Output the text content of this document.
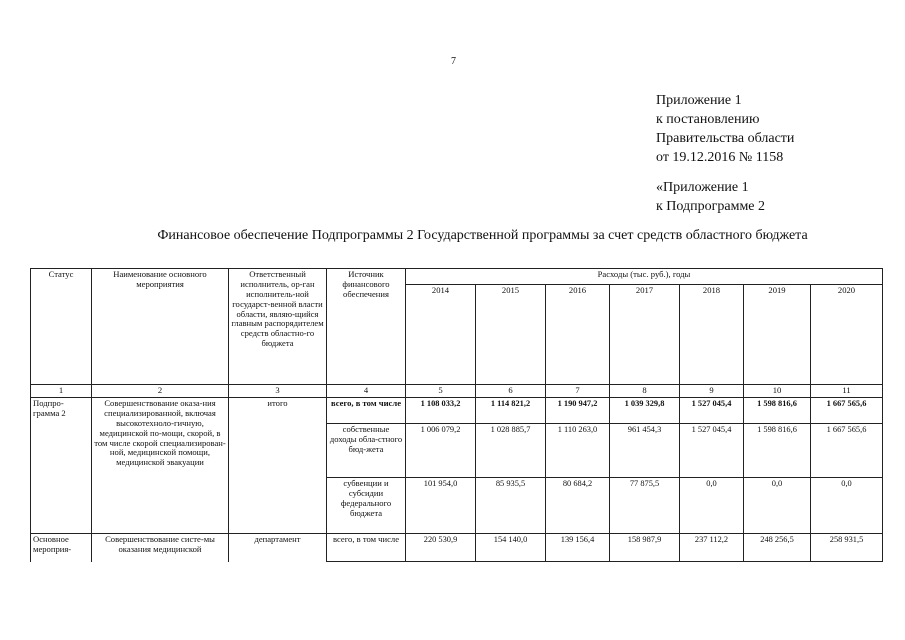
7
Приложение 1
к постановлению
Правительства области
от 19.12.2016 № 1158
«Приложение 1
к Подпрограмме 2
Финансовое обеспечение Подпрограммы 2 Государственной программы за счет средств областного бюджета
Статус	Наименование основного мероприятия	Ответственный исполнитель, ор-ган исполнитель-ной государст-венной власти области, являю-щийся главным распорядителем средств областно-го бюджета	Источник финансового обеспечения	Расходы (тыс. руб.), годы						
				2014	2015	2016	2017	2018	2019	2020
1	2	3	4	5	6	7	8	9	10	11
Подпро-грамма 2	Совершенствование оказа-ния специализированной, включая высокотехноло-гичную, медицинской по-мощи, скорой, в том числе скорой специализирован-ной, медицинской помощи, медицинской эвакуации	итого	всего, в том числе	1 108 033,2	1 114 821,2	1 190 947,2	1 039 329,8	1 527 045,4	1 598 816,6	1 667 565,6
			собственные доходы обла-стного бюд-жета	1 006 079,2	1 028 885,7	1 110 263,0	961 454,3	1 527 045,4	1 598 816,6	1 667 565,6
			субвенции и субсидии федерального бюджета	101 954,0	85 935,5	80 684,2	77 875,5	0,0	0,0	0,0
Основное мероприя-	Совершенствование систе-мы оказания медицинской	департамент	всего, в том числе	220 530,9	154 140,0	139 156,4	158 987,9	237 112,2	248 256,5	258 931,5
